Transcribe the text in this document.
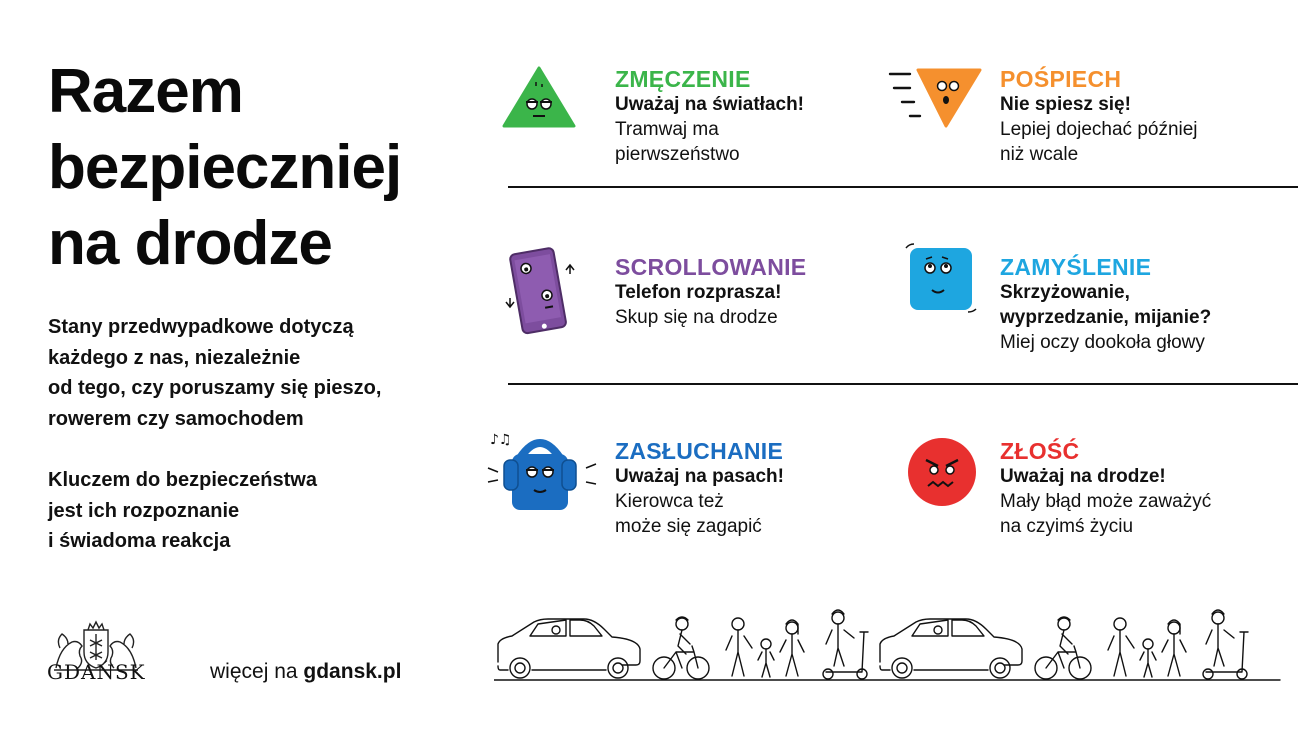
Razem
bezpieczniej
na drodze
Stany przedwypadkowe dotyczą
każdego z nas, niezależnie
od tego, czy poruszamy się pieszo,
rowerem czy samochodem
Kluczem do bezpieczeństwa
jest ich rozpoznanie
i świadoma reakcja
GDAŃSK	więcej na gdansk.pl
ZMĘCZENIE
Uważaj na światłach!
Tramwaj ma
pierwszeństwo
POŚPIECH
Nie spiesz się!
Lepiej dojechać później
niż wcale
SCROLLOWANIE
Telefon rozprasza!
Skup się na drodze
ZAMYŚLENIE
Skrzyżowanie,
wyprzedzanie, mijanie?
Miej oczy dookoła głowy
♪♫	ZASŁUCHANIE
Uważaj na pasach!
Kierowca też
może się zagapić
ZŁOŚĆ
Uważaj na drodze!
Mały błąd może zaważyć
na czyimś życiu
